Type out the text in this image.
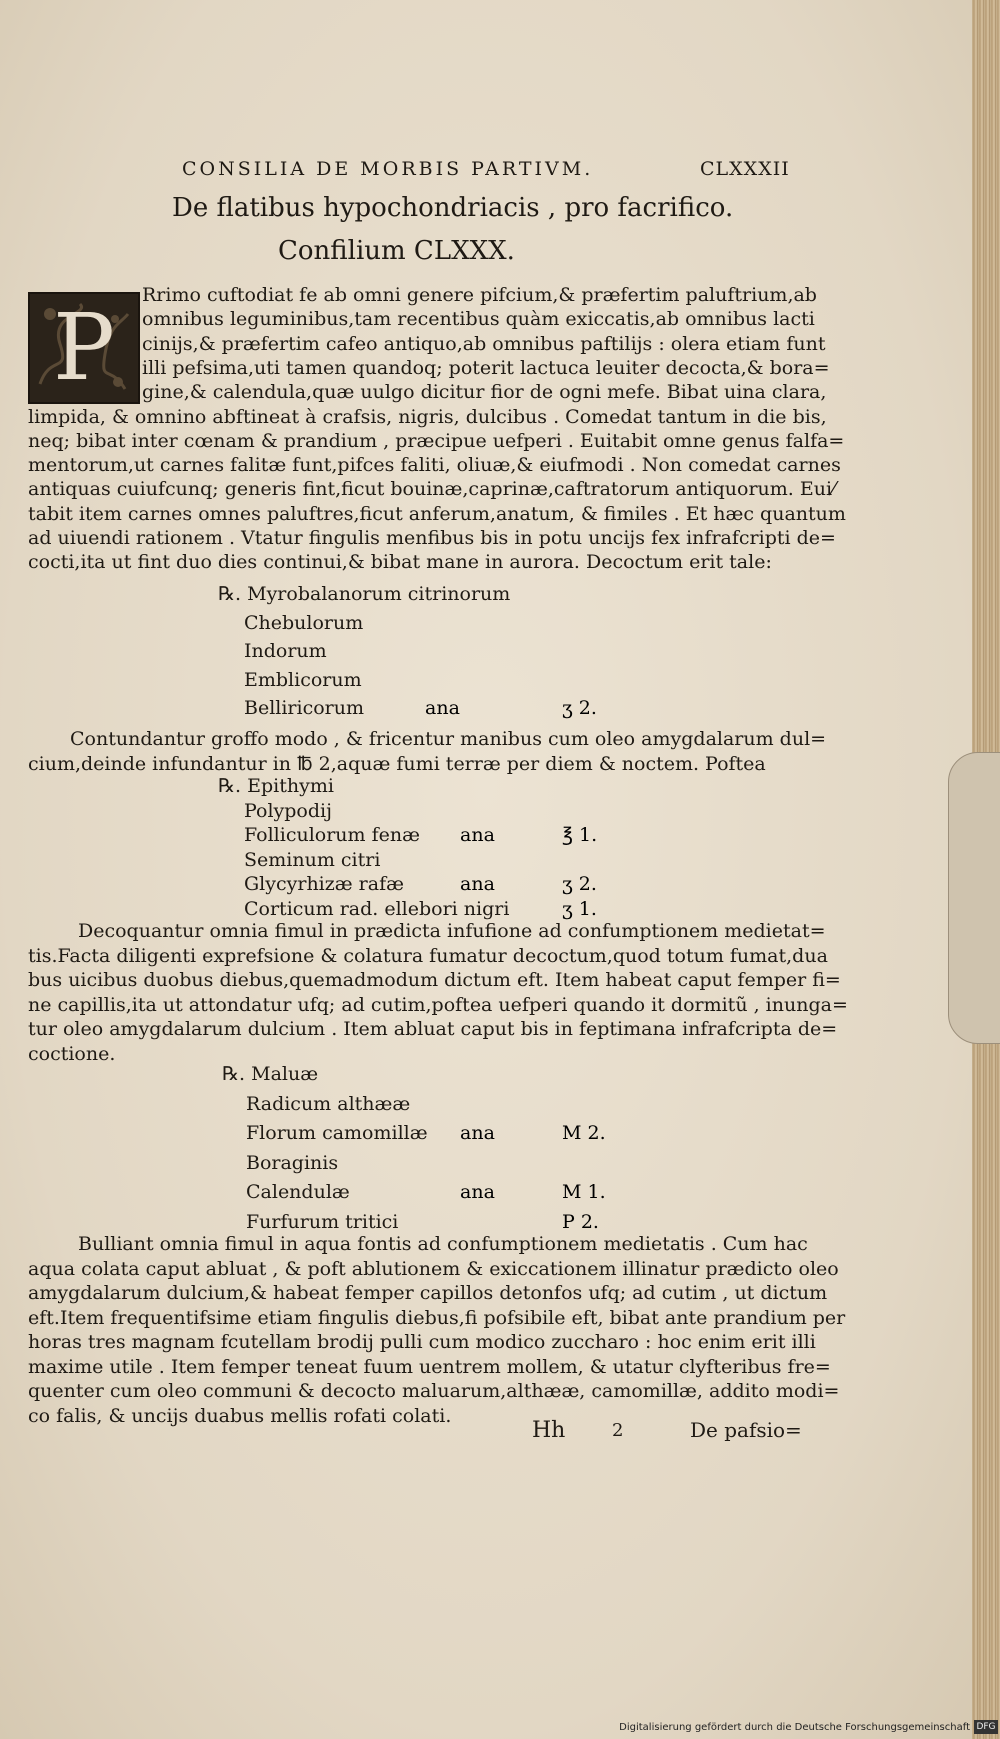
CONSILIA DE MORBIS PARTIVM.	CLXXXII
De flatibus hypochondriacis , pro facrifico.
Confilium CLXXX.
P	Rrimo cuftodiat fe ab omni genere pifcium,& præfertim paluftrium,ab
omnibus leguminibus,tam recentibus quàm exiccatis,ab omnibus lacti
cinijs,& præfertim cafeo antiquo,ab omnibus paftilijs : olera etiam funt
illi pefsima,uti tamen quandoq; poterit lactuca leuiter decocta,& bora=
gine,& calendula,quæ uulgo dicitur fior de ogni mefe. Bibat uina clara,
limpida, & omnino abftineat à crafsis, nigris, dulcibus . Comedat tantum in die bis,
neq; bibat inter cœnam & prandium , præcipue uefperi . Euitabit omne genus falfa=
mentorum,ut carnes falitæ funt,pifces faliti, oliuæ,& eiufmodi . Non comedat carnes
antiquas cuiufcunq; generis fint,ficut bouinæ,caprinæ,caftratorum antiquorum. Eui⁄
tabit item carnes omnes paluftres,ficut anferum,anatum, & fimiles . Et hæc quantum
ad uiuendi rationem . Vtatur fingulis menfibus bis in potu uncijs fex infrafcripti de=
cocti,ita ut fint duo dies continui,& bibat mane in aurora. Decoctum erit tale:
℞. Myrobalanorum citrinorum
Chebulorum
Indorum
Emblicorum
Belliricorum	ana	ʒ 2.
Contundantur groffo modo , & fricentur manibus cum oleo amygdalarum dul=
cium,deinde infundantur in ℔ 2,aquæ fumi terræ per diem & noctem. Poftea
℞. Epithymi
Polypodij
Folliculorum fenæ ana	℥ 1.
Seminum citri
Glycyrhizæ rafæ	ana	ʒ 2.
Corticum rad. ellebori nigri	ʒ 1.
Decoquantur omnia fimul in prædicta infufione ad confumptionem medietat=
tis.Facta diligenti exprefsione & colatura fumatur decoctum,quod totum fumat,dua
bus uicibus duobus diebus,quemadmodum dictum eft. Item habeat caput femper fi=
ne capillis,ita ut attondatur ufq; ad cutim,poftea uefperi quando it dormitũ , inunga=
tur oleo amygdalarum dulcium . Item abluat caput bis in feptimana infrafcripta de=
coctione.
℞. Maluæ
Radicum althææ
Florum camomillæ ana	M 2.
Boraginis
Calendulæ	ana	M 1.
Furfurum tritici	P 2.
Bulliant omnia fimul in aqua fontis ad confumptionem medietatis . Cum hac
aqua colata caput abluat , & poft ablutionem & exiccationem illinatur prædicto oleo
amygdalarum dulcium,& habeat femper capillos detonfos ufq; ad cutim , ut dictum
eft.Item frequentifsime etiam fingulis diebus,fi pofsibile eft, bibat ante prandium per
horas tres magnam fcutellam brodij pulli cum modico zuccharo : hoc enim erit illi
maxime utile . Item femper teneat fuum uentrem mollem, & utatur clyfteribus fre=
quenter cum oleo communi & decocto maluarum,althææ, camomillæ, addito modi=
co falis, & uncijs duabus mellis rofati colati.
Hh	2	De pafsio=
Digitalisierung gefördert durch die Deutsche Forschungsgemeinschaft DFG
